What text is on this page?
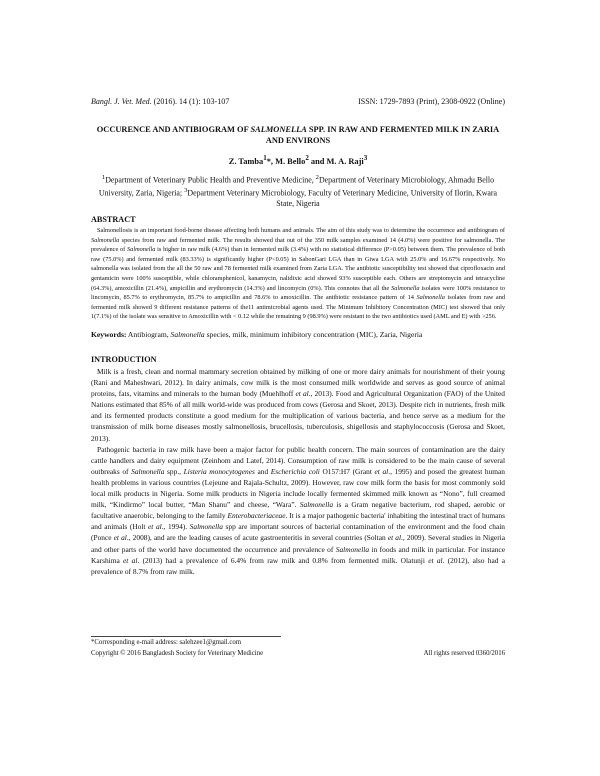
Bangl. J. Vet. Med. (2016). 14 (1): 103-107	ISSN: 1729-7893 (Print), 2308-0922 (Online)
OCCURENCE AND ANTIBIOGRAM OF SALMONELLA SPP. IN RAW AND FERMENTED MILK IN ZARIA AND ENVIRONS
Z. Tamba$^1$*, M. Bello$^2$ and M. A. Raji$^3$
$^1$Department of Veterinary Public Health and Preventive Medicine, $^2$Department of Veterinary Microbiology, Ahmadu Bello University, Zaria, Nigeria; $^3$Department Veterinary Microbiology, Faculty of Veterinary Medicine, University of Ilorin, Kwara State, Nigeria
ABSTRACT

Salmonellosis is an important food-borne disease affecting both humans and animals. The aim of this study was to determine the occurrence and antibiogram of Salmonella species from raw and fermented milk. The results showed that out of the 350 milk samples examined 14 (4.0%) were positive for salmonella. The prevalence of Salmonella is higher in raw milk (4.6%) than in fermented milk (3.4%) with no statistical difference (P>0.05) between them. The prevalence of both raw (75.0%) and fermented milk (83.33%) is significantly higher (P<0.05) in SabonGari LGA than in Giwa LGA with 25.0% and 16.67% respectively. No salmonella was isolated from the all the 50 raw and 78 fermented milk examined from Zaria LGA. The antibiotic susceptibility test showed that ciprofloxacin and gentamicin were 100% susceptible, while chloramphenicol, kanamycin, nalidixic acid showed 93% susceptible each. Others are streptomycin and tetracycline (64.3%), amoxicillin (21.4%), ampicillin and erythromycin (14.3%) and lincomycin (0%). This connotes that all the Salmonella isolates were 100% resistance to lincomycin, 85.7% to erythromycin, 85.7% to ampicillin and 78.6% to amoxicillin. The antibiotic resistance pattern of 14 Salmonella isolates from raw and fermented milk showed 9 different resistance patterns of the11 antimicrobial agents used. The Minimum Inhibitory Concentration (MIC) test showed that only 1(7.1%) of the isolate was sensitive to Amoxicillin with < 0.12 while the remaining 9 (98.9%) were resistant to the two antibiotics used (AML and E) with >256.

Keywords: Antibiogram, Salmonella species, milk, minimum inhibitory concentration (MIC), Zaria, Nigeria
INTRODUCTION

Milk is a fresh, clean and normal mammary secretion obtained by milking of one or more dairy animals for nourishment of their young (Rani and Maheshwari, 2012). In dairy animals, cow milk is the most consumed milk worldwide and serves as good source of animal proteins, fats, vitamins and minerals to the human body (Muehlhoff et al., 2013). Food and Agricultural Organization (FAO) of the United Nations estimated that 85% of all milk world-wide was produced from cows (Gerosa and Skoet, 2013). Despite rich in nutrients, fresh milk and its fermented products constitute a good medium for the multiplication of various bacteria, and hence serve as a medium for the transmission of milk borne diseases mostly salmonellosis, brucellosis, tuberculosis, shigellosis and staphylococcosis (Gerosa and Skoet, 2013).

Pathogenic bacteria in raw milk have been a major factor for public health concern. The main sources of contamination are the dairy cattle handlers and dairy equipment (Zeinhom and Latef, 2014). Consumption of raw milk is considered to be the main cause of several outbreaks of Salmonella spp., Listeria monocytogenes and Escherichia coli O157:H7 (Grant et al., 1995) and posed the greatest human health problems in various countries (Lejeune and Rajala-Schultz, 2009). However, raw cow milk form the basis for most commonly sold local milk products in Nigeria. Some milk products in Nigeria include locally fermented skimmed milk known as “Nono”, full creamed milk, “Kindirmo” local butter, “Man Shanu” and cheese, “Wara”. Salmonella is a Gram negative bacterium, rod shaped, aerobic or facultative anaerobic, belonging to the family Enterobacteriaceae. It is a major pathogenic bacteria' inhabiting the intestinal tract of humans and animals (Holt et al., 1994). Salmonella spp are important sources of bacterial contamination of the environment and the food chain (Ponce et al., 2008), and are the leading causes of acute gastroenteritis in several countries (Soltan et al., 2009). Several studies in Nigeria and other parts of the world have documented the occurrence and prevalence of Salmonella in foods and milk in particular. For instance Karshima et al. (2013) had a prevalence of 6.4% from raw milk and 0.8% from fermented milk. Olatunji et al. (2012), also had a prevalence of 8.7% from raw milk.

*Corresponding e-mail address: salehzee1@gmail.com
Copyright © 2016 Bangladesh Society for Veterinary Medicine	All rights reserved 0360/2016
